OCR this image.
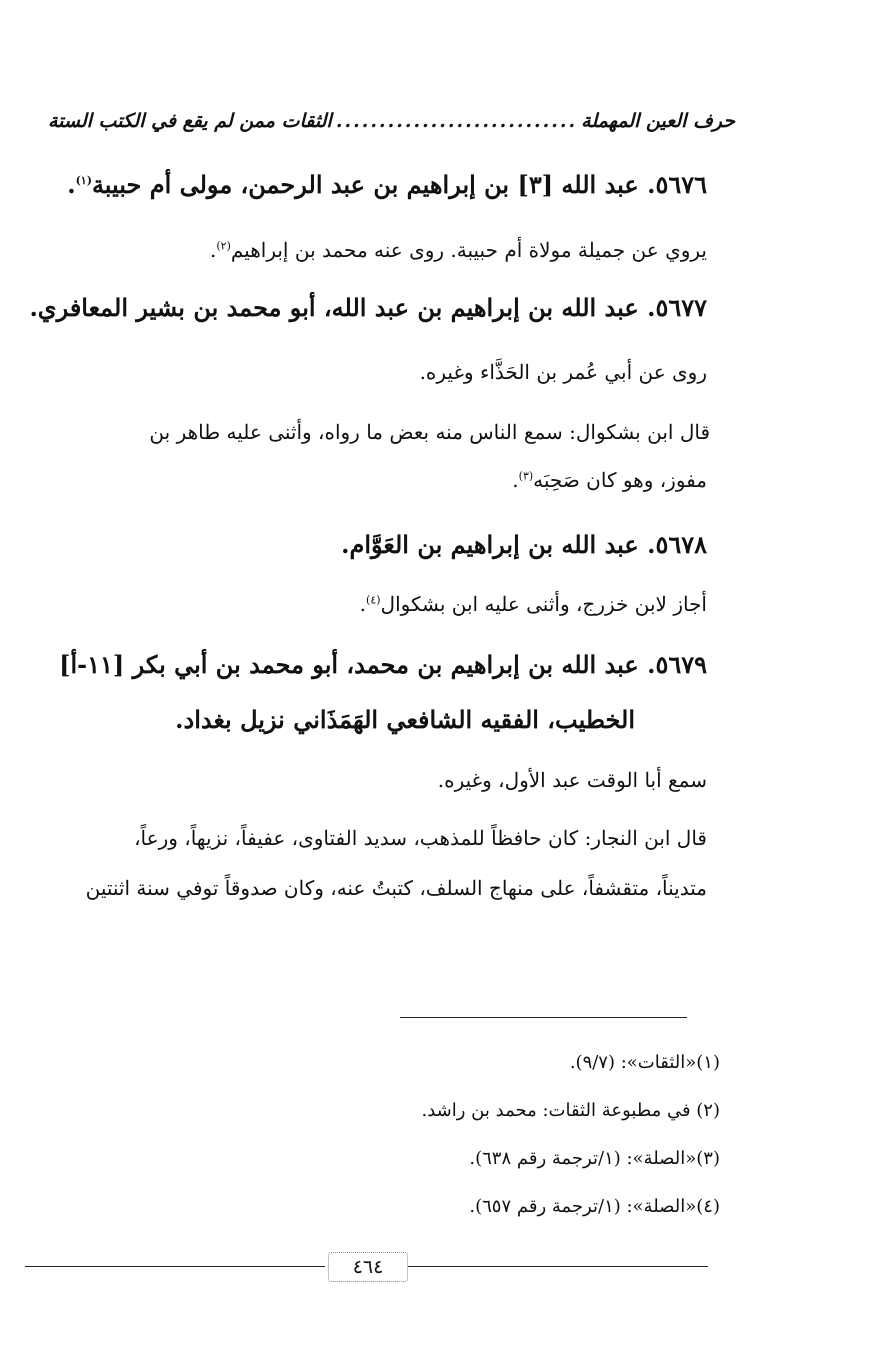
حرف العين المهملة
............................
الثقات ممن لم يقع في الكتب الستة
٥٦٧٦. عبد الله [٣] بن إبراهيم بن عبد الرحمن، مولى أم حبيبة$^{(١)}$.
يروي عن جميلة مولاة أم حبيبة. روى عنه محمد بن إبراهيم$^{(٢)}$.
٥٦٧٧. عبد الله بن إبراهيم بن عبد الله، أبو محمد بن بشير المعافري.
روى عن أبي عُمر بن الحَذَّاء وغيره.
قال ابن بشكوال: سمع الناس منه بعض ما رواه، وأثنى عليه طاهر بن
مفوز، وهو كان صَحِبَه$^{(٣)}$.
٥٦٧٨. عبد الله بن إبراهيم بن العَوَّام.
أجاز لابن خزرج، وأثنى عليه ابن بشكوال$^{(٤)}$.
٥٦٧٩. عبد الله بن إبراهيم بن محمد، أبو محمد بن أبي بكر [١١-أ]
الخطيب، الفقيه الشافعي الهَمَذَاني نزيل بغداد.
سمع أبا الوقت عبد الأول، وغيره.
قال ابن النجار: كان حافظاً للمذهب، سديد الفتاوى، عفيفاً، نزيهاً، ورعاً،
متديناً، متقشفاً، على منهاج السلف، كتبتُ عنه، وكان صدوقاً توفي سنة اثنتين
(١)«الثقات»: (٩/٧).
(٢) في مطبوعة الثقات: محمد بن راشد.
(٣)«الصلة»: (١/ترجمة رقم ٦٣٨).
(٤)«الصلة»: (١/ترجمة رقم ٦٥٧).
٤٦٤
